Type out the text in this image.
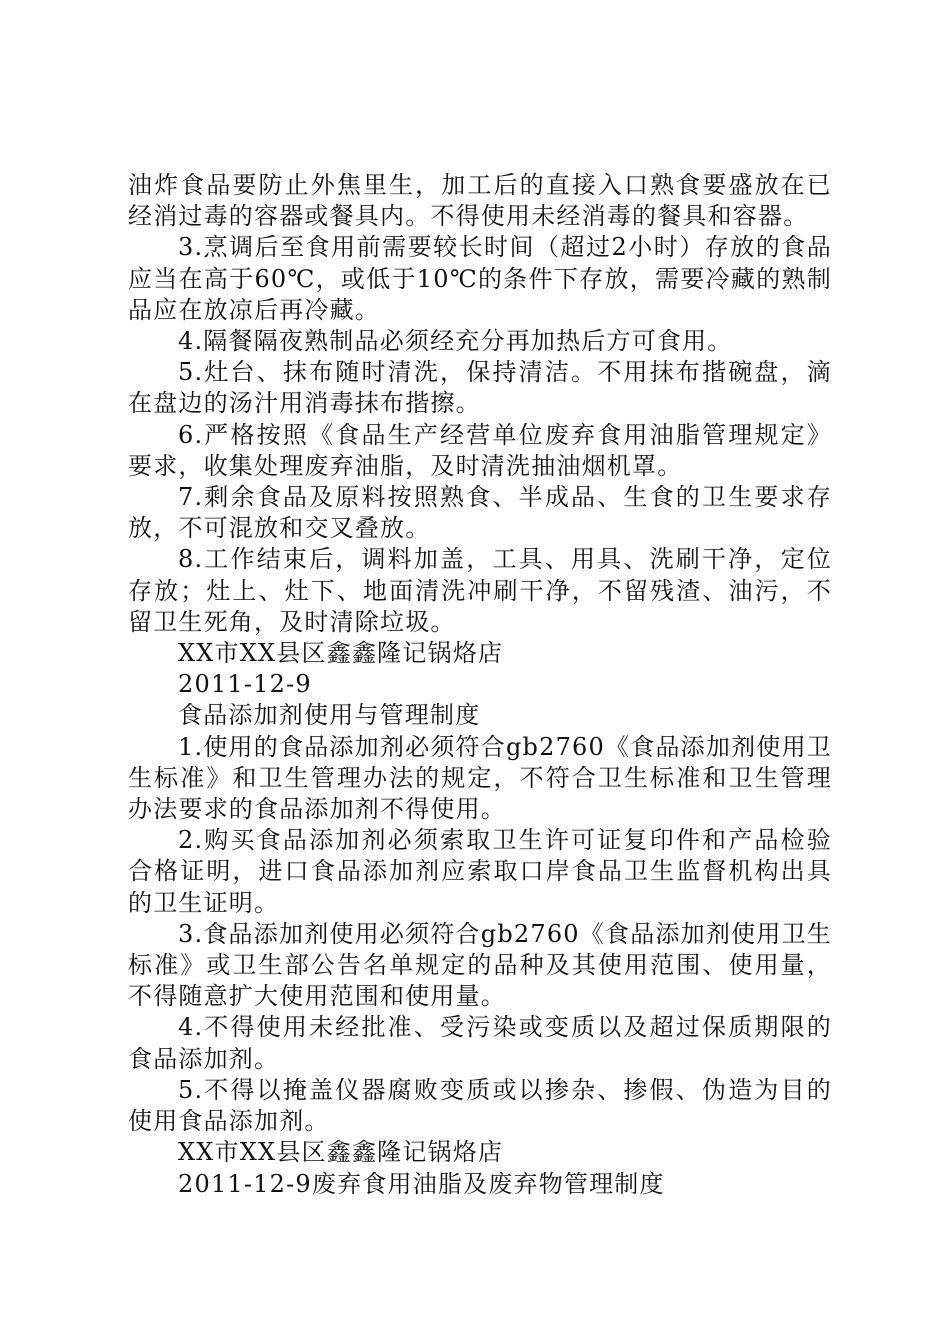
油炸食品要防止外焦里生，加工后的直接入口熟食要盛放在已经消过毒的容器或餐具内。不得使用未经消毒的餐具和容器。

3.烹调后至食用前需要较长时间（超过2小时）存放的食品应当在高于60℃，或低于10℃的条件下存放，需要冷藏的熟制品应在放凉后再冷藏。

4.隔餐隔夜熟制品必须经充分再加热后方可食用。

5.灶台、抹布随时清洗，保持清洁。不用抹布揩碗盘，滴在盘边的汤汁用消毒抹布揩擦。

6.严格按照《食品生产经营单位废弃食用油脂管理规定》要求，收集处理废弃油脂，及时清洗抽油烟机罩。

7.剩余食品及原料按照熟食、半成品、生食的卫生要求存放，不可混放和交叉叠放。

8.工作结束后，调料加盖，工具、用具、洗刷干净，定位存放；灶上、灶下、地面清洗冲刷干净，不留残渣、油污，不留卫生死角，及时清除垃圾。

XX市XX县区鑫鑫隆记锅烙店

2011-12-9

食品添加剂使用与管理制度

1.使用的食品添加剂必须符合gb2760《食品添加剂使用卫生标准》和卫生管理办法的规定，不符合卫生标准和卫生管理办法要求的食品添加剂不得使用。

2.购买食品添加剂必须索取卫生许可证复印件和产品检验合格证明，进口食品添加剂应索取口岸食品卫生监督机构出具的卫生证明。

3.食品添加剂使用必须符合gb2760《食品添加剂使用卫生标准》或卫生部公告名单规定的品种及其使用范围、使用量，不得随意扩大使用范围和使用量。

4.不得使用未经批准、受污染或变质以及超过保质期限的食品添加剂。

5.不得以掩盖仪器腐败变质或以掺杂、掺假、伪造为目的使用食品添加剂。

XX市XX县区鑫鑫隆记锅烙店

2011-12-9废弃食用油脂及废弃物管理制度
